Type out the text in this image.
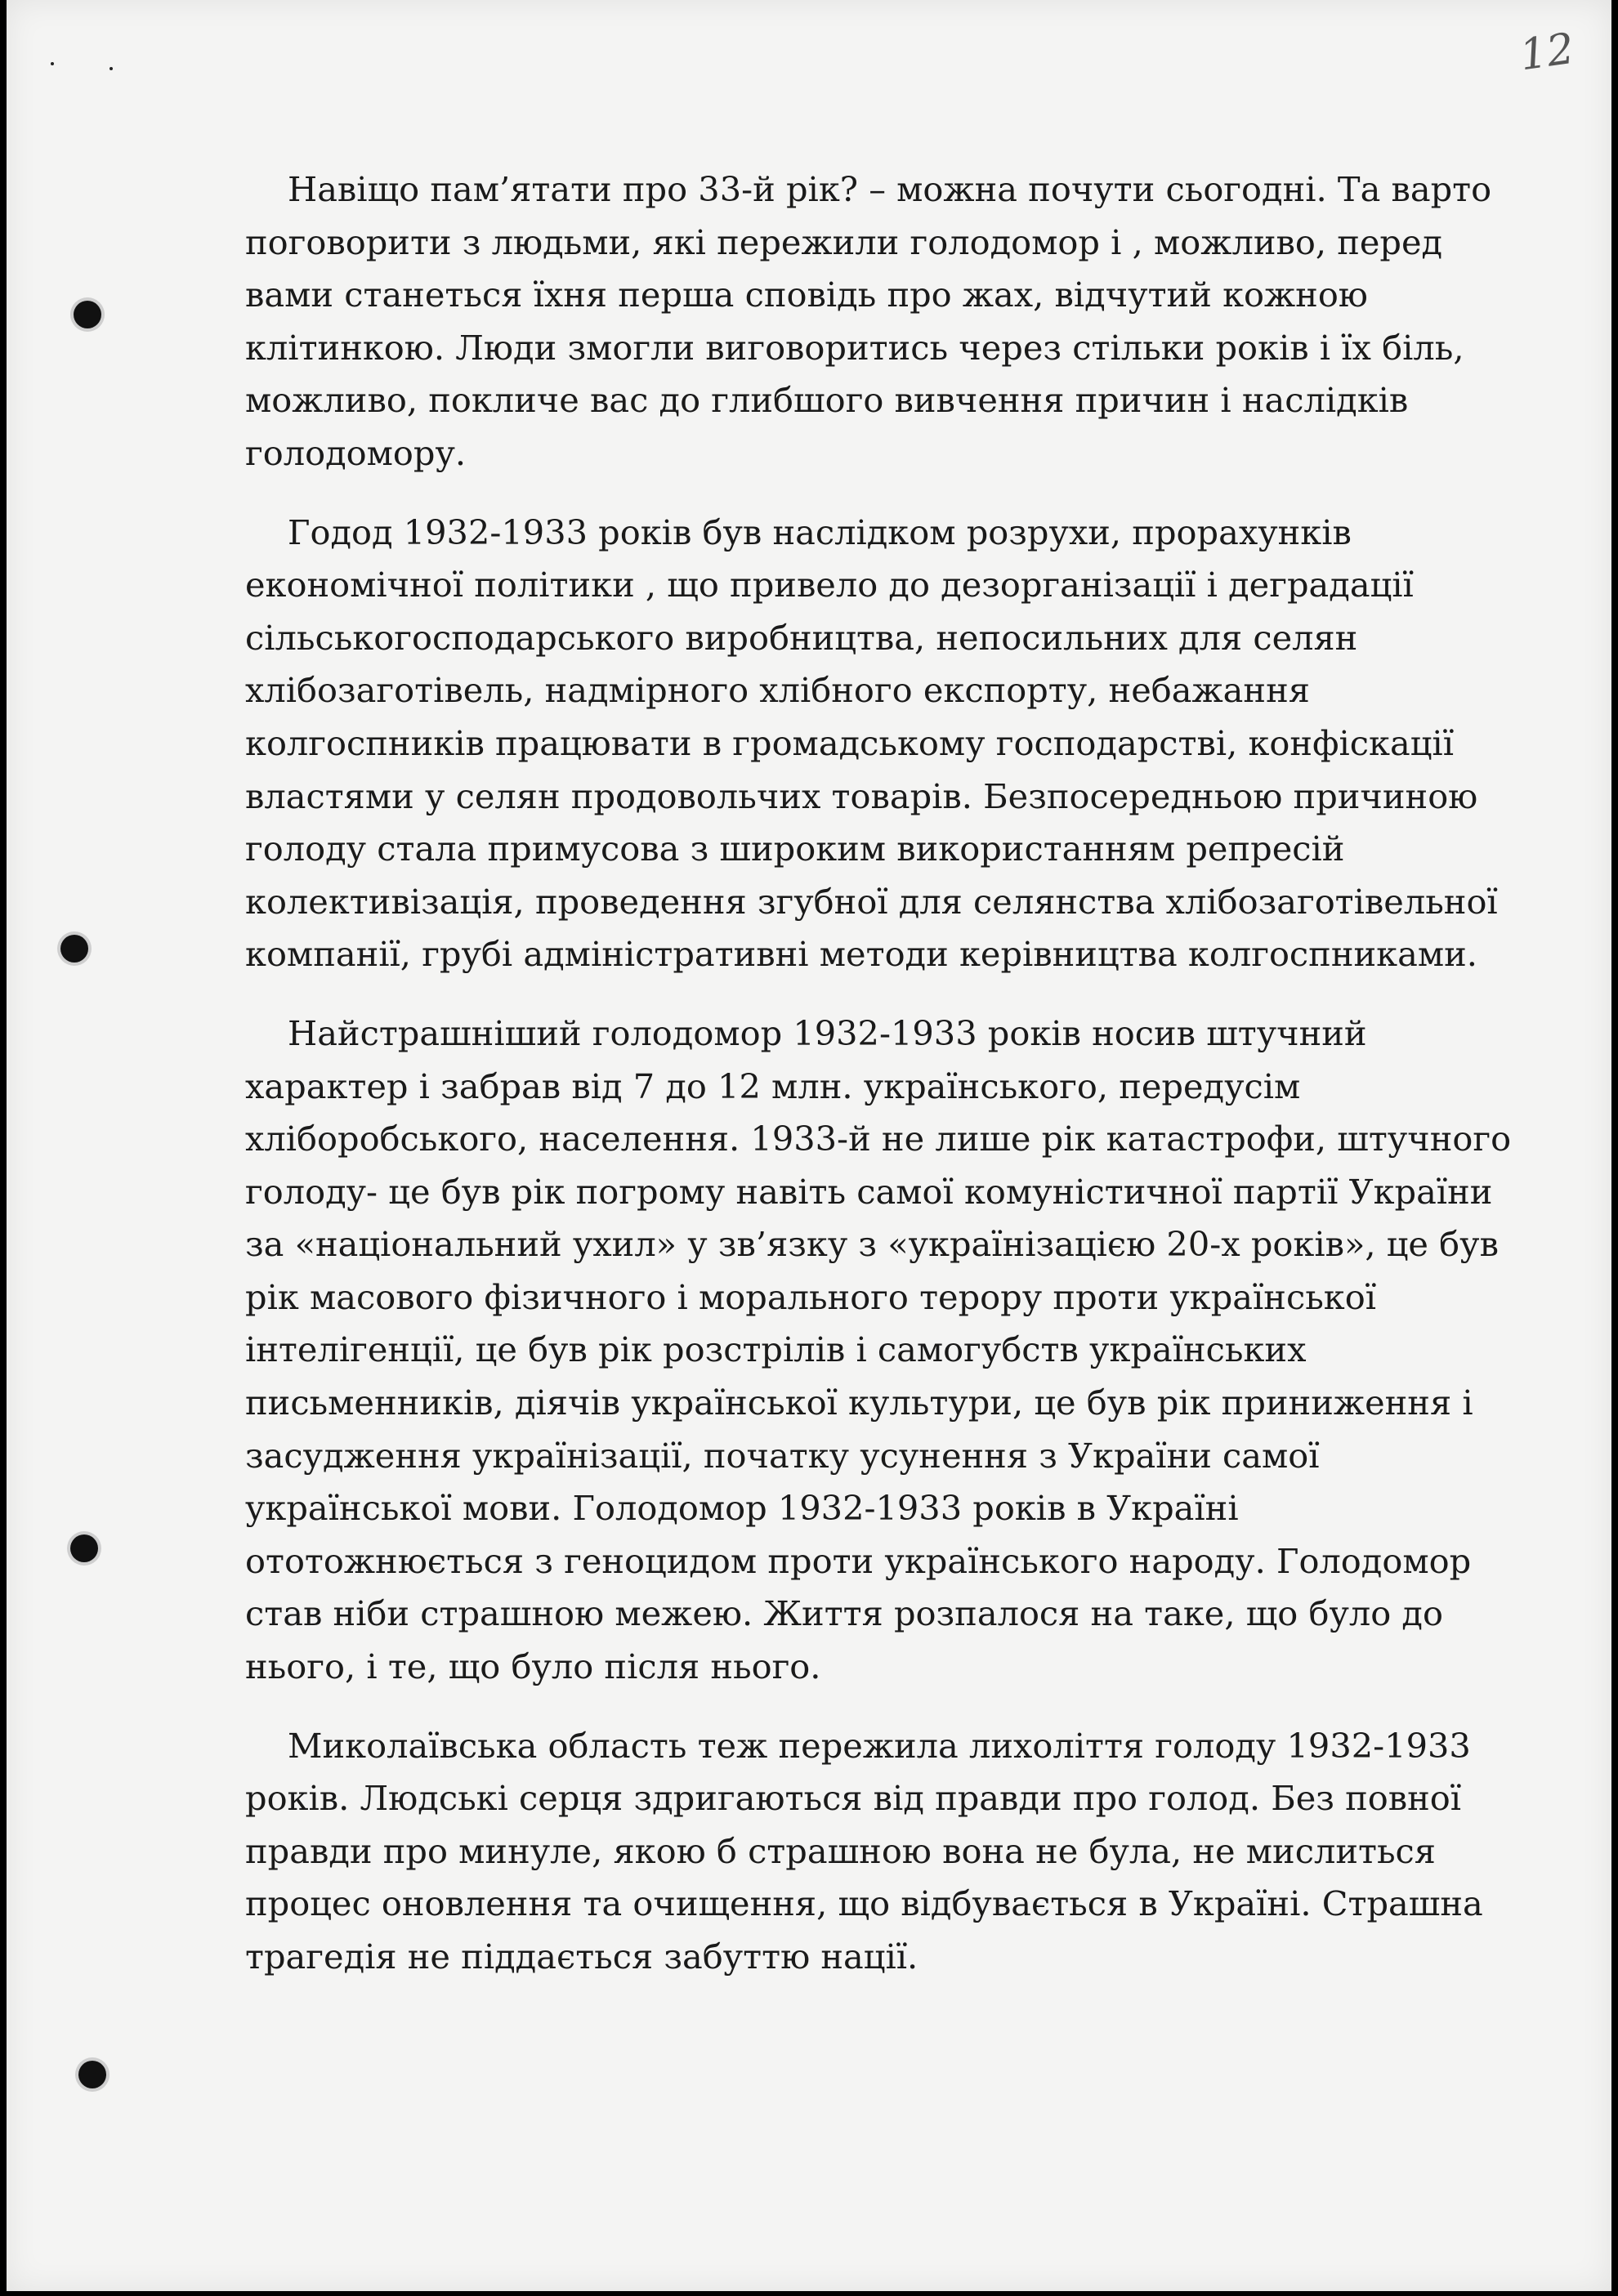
12

Навіщо пам’ятати про 33-й рік? – можна почути сьогодні. Та варто поговорити з людьми, які пережили голодомор і , можливо, перед вами станеться їхня перша сповідь про жах, відчутий кожною клітинкою. Люди змогли виговоритись через стільки років і їх біль, можливо, покличе вас до глибшого вивчення причин і наслідків голодомору.

Годод 1932-1933 років був наслідком розрухи, прорахунків економічної політики , що привело до дезорганізації і деградації сільськогосподарського виробництва, непосильних для селян хлібозаготівель, надмірного хлібного експорту, небажання колгоспників працювати в громадському господарстві, конфіскації властями у селян продовольчих товарів. Безпосередньою причиною голоду стала примусова з широким використанням репресій колективізація, проведення згубної для селянства хлібозаготівельної компанії, грубі адміністративні методи керівництва колгоспниками.

Найстрашніший голодомор 1932-1933 років носив штучний характер і забрав від 7 до 12 млн. українського, передусім хліборобського, населення. 1933-й не лише рік катастрофи, штучного голоду- це був рік погрому навіть самої комуністичної партії України за «національний ухил» у зв’язку з «українізацією 20-х років», це був рік масового фізичного і морального терору проти української інтелігенції, це був рік розстрілів і самогубств українських письменників, діячів української культури, це був рік приниження і засудження українізації, початку усунення з України самої української мови. Голодомор 1932-1933 років в Україні ототожнюється з геноцидом проти українського народу. Голодомор став ніби страшною межею. Життя розпалося на таке, що було до нього, і те, що було після нього.

Миколаївська область теж пережила лихоліття голоду 1932-1933 років. Людські серця здригаються від правди про голод. Без повної правди про минуле, якою б страшною вона не була, не мислиться процес оновлення та очищення, що відбувається в Україні. Страшна трагедія не піддається забуттю нації.
